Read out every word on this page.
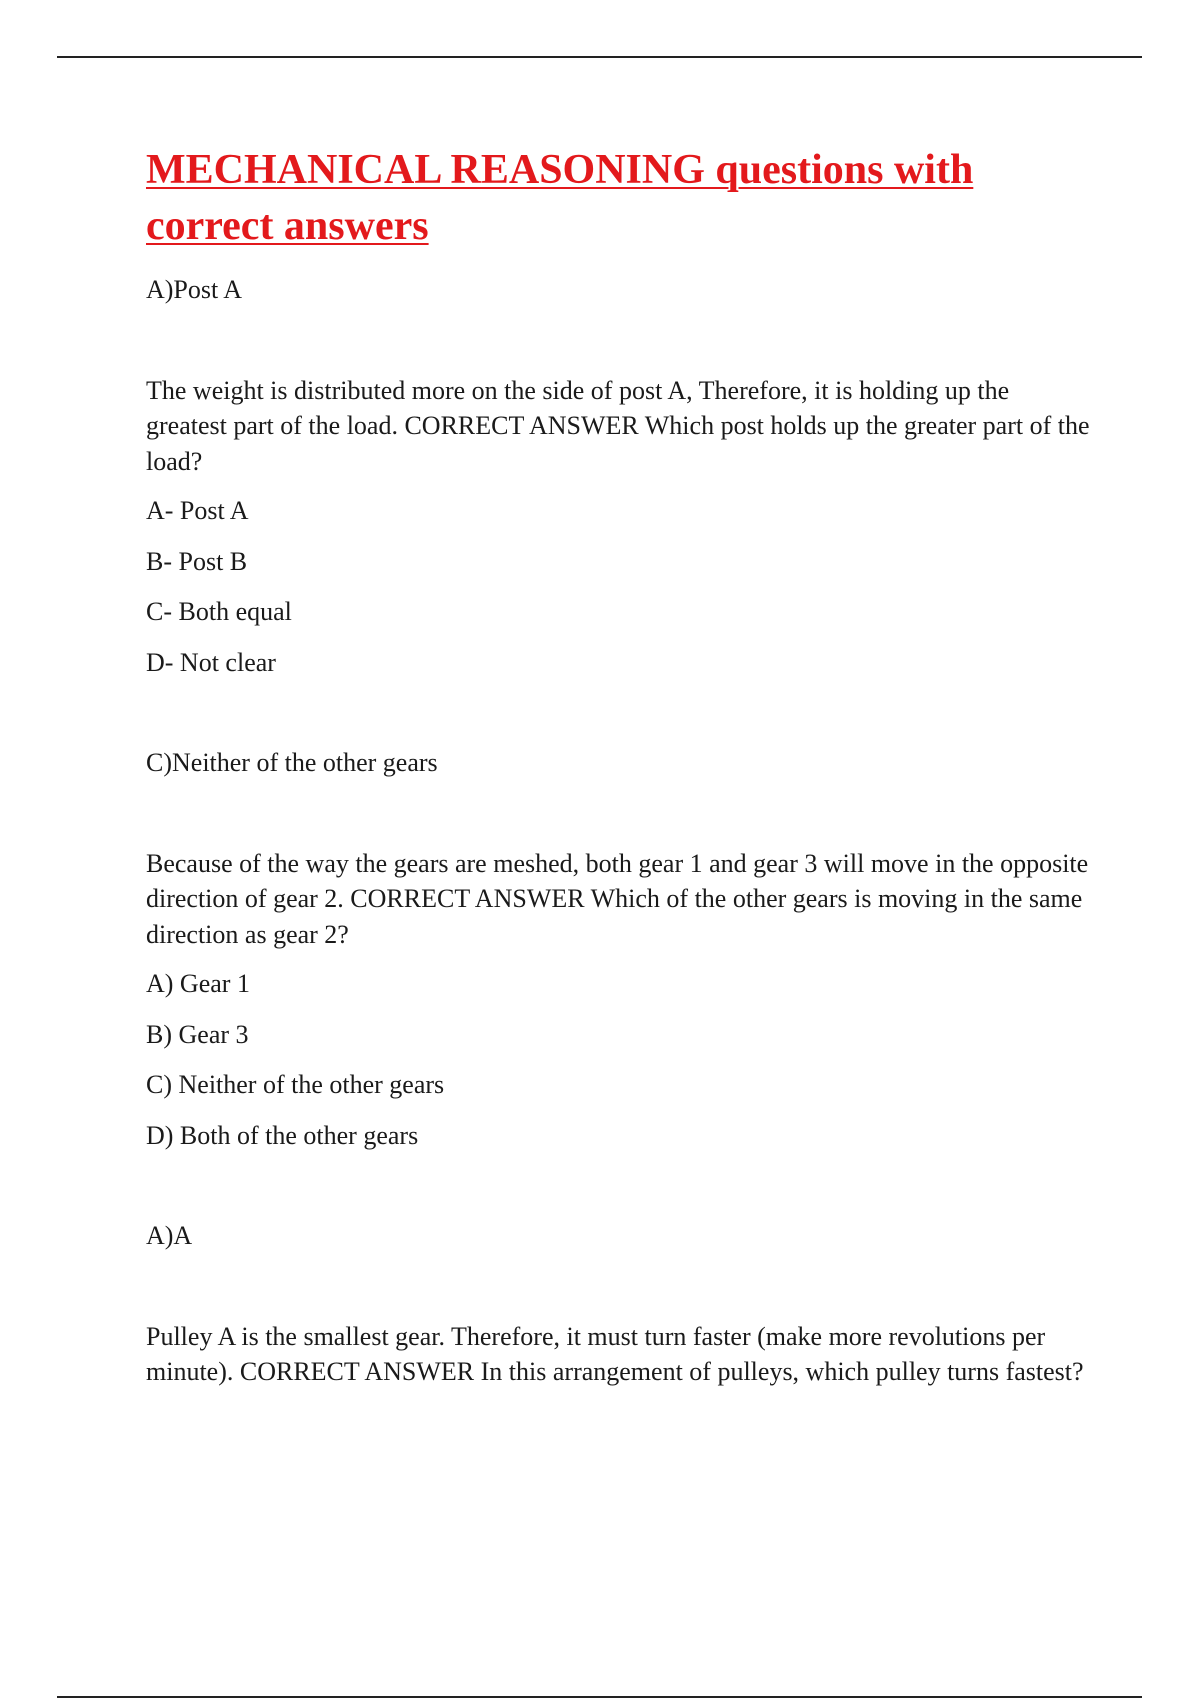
MECHANICAL REASONING questions with correct answers

A)Post A

The weight is distributed more on the side of post A, Therefore, it is holding up the greatest part of the load. CORRECT ANSWER Which post holds up the greater part of the load?

A- Post A

B- Post B

C- Both equal

D- Not clear

C)Neither of the other gears

Because of the way the gears are meshed, both gear 1 and gear 3 will move in the opposite direction of gear 2. CORRECT ANSWER Which of the other gears is moving in the same direction as gear 2?

A) Gear 1

B) Gear 3

C) Neither of the other gears

D) Both of the other gears

A)A

Pulley A is the smallest gear. Therefore, it must turn faster (make more revolutions per minute). CORRECT ANSWER In this arrangement of pulleys, which pulley turns fastest?
